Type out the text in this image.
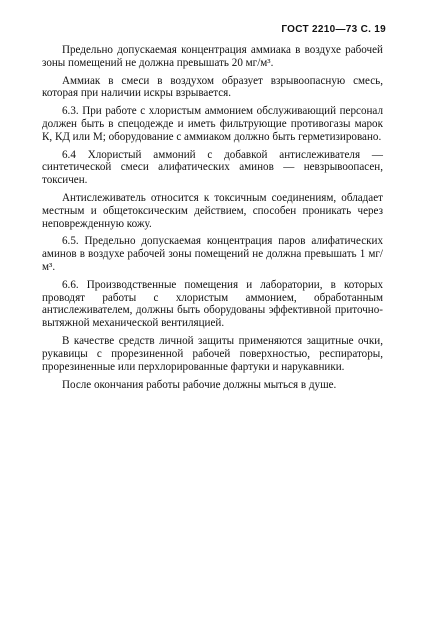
ГОСТ 2210—73 С. 19

Предельно допускаемая концентрация аммиака в воздухе рабочей зоны помещений не должна превышать 20 мг/м³.

Аммиак в смеси в воздухом образует взрывоопасную смесь, которая при наличии искры взрывается.

6.3. При работе с хлористым аммонием обслуживающий персонал должен быть в спецодежде и иметь фильтрующие противогазы марок К, КД или М; оборудование с аммиаком должно быть герметизировано.

6.4 Хлористый аммоний с добавкой антислеживателя — синтетической смеси алифатических аминов — невзрывоопасен, токсичен.

Антислеживатель относится к токсичным соединениям, обладает местным и общетоксическим действием, способен проникать через неповрежденную кожу.

6.5. Предельно допускаемая концентрация паров алифатических аминов в воздухе рабочей зоны помещений не должна превышать 1 мг/м³.

6.6. Производственные помещения и лаборатории, в которых проводят работы с хлористым аммонием, обработанным антислеживателем, должны быть оборудованы эффективной приточно-вытяжной механической вентиляцией.

В качестве средств личной защиты применяются защитные очки, рукавицы с прорезиненной рабочей поверхностью, респираторы, прорезиненные или перхлорированные фартуки и нарукавники.

После окончания работы рабочие должны мыться в душе.
